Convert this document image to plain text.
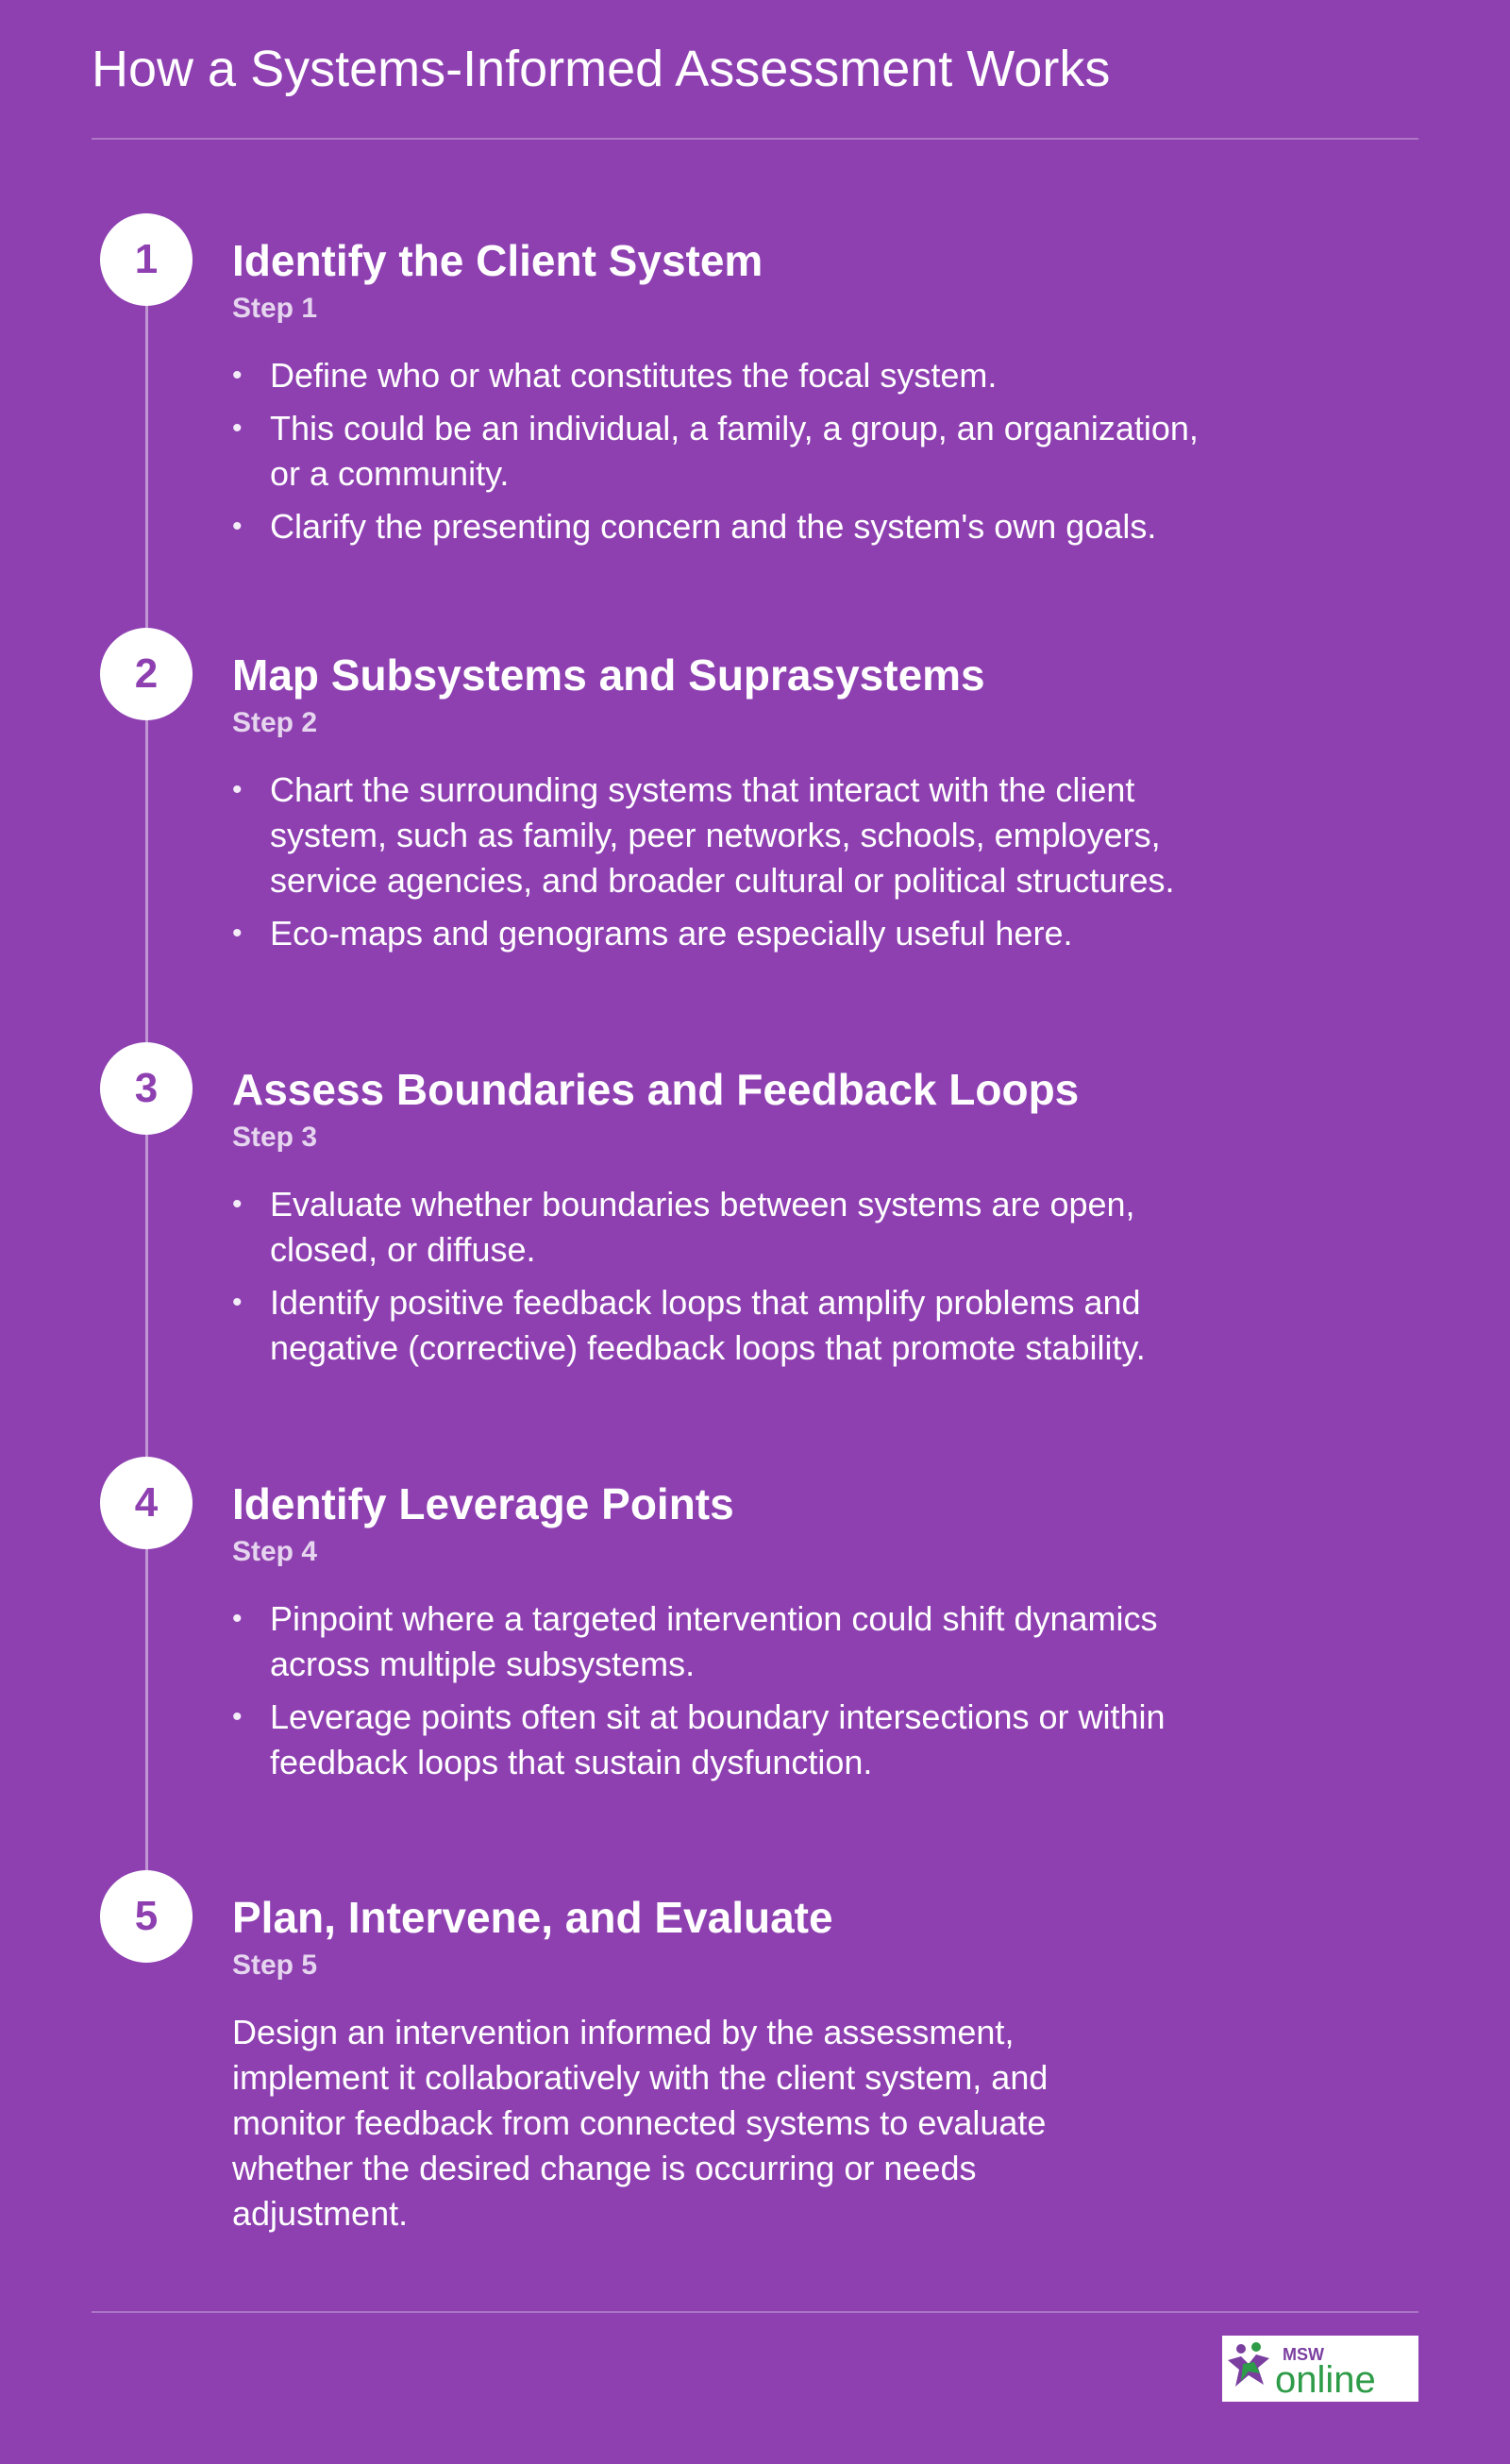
How a Systems-Informed Assessment Works
1	Identify the Client System
Step 1
• Define who or what constitutes the focal system.
• This could be an individual, a family, a group, an organization, or a community.
• Clarify the presenting concern and the system's own goals.
2	Map Subsystems and Suprasystems
Step 2
• Chart the surrounding systems that interact with the client system, such as family, peer networks, schools, employers, service agencies, and broader cultural or political structures.
• Eco-maps and genograms are especially useful here.
3	Assess Boundaries and Feedback Loops
Step 3
• Evaluate whether boundaries between systems are open, closed, or diffuse.
• Identify positive feedback loops that amplify problems and negative (corrective) feedback loops that promote stability.
4	Identify Leverage Points
Step 4
• Pinpoint where a targeted intervention could shift dynamics across multiple subsystems.
• Leverage points often sit at boundary intersections or within feedback loops that sustain dysfunction.
5	Plan, Intervene, and Evaluate
Step 5

Design an intervention informed by the assessment, implement it collaboratively with the client system, and monitor feedback from connected systems to evaluate whether the desired change is occurring or needs adjustment.

MSW
online
